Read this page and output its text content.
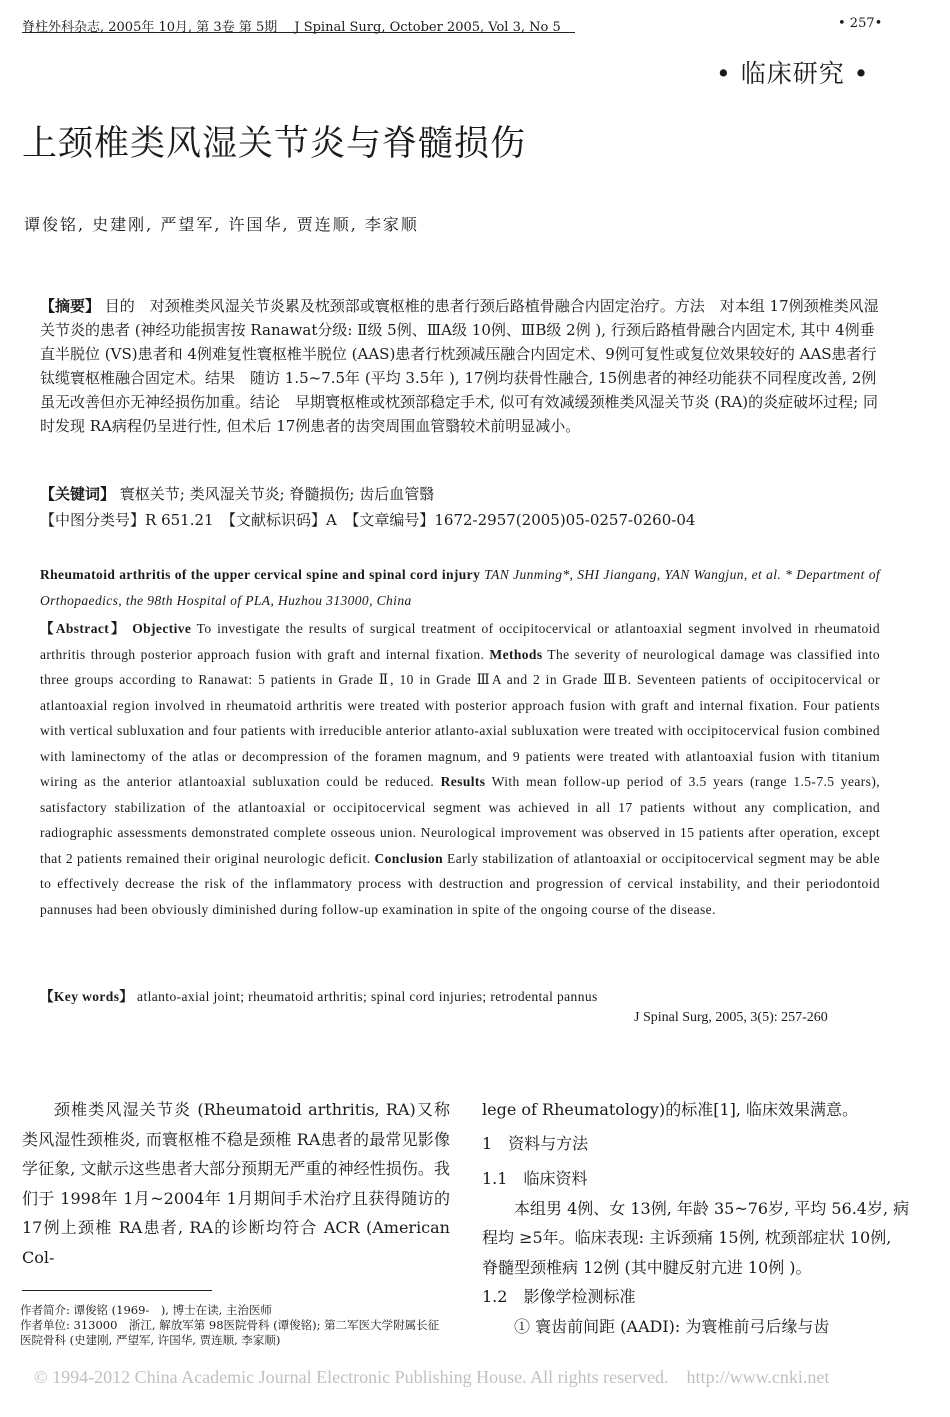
脊柱外科杂志, 2005年 10月, 第 3卷 第 5期　 J Spinal Surg, October 2005, Vol 3, No 5	• 257•
• 临床研究 •
上颈椎类风湿关节炎与脊髓损伤
谭俊铭, 史建刚, 严望军, 许国华, 贾连顺, 李家顺
【摘要】 目的　对颈椎类风湿关节炎累及枕颈部或寰枢椎的患者行颈后路植骨融合内固定治疗。方法　对本组 17例颈椎类风湿关节炎的患者 (神经功能损害按 Ranawat分级: Ⅱ级 5例、ⅢA级 10例、ⅢB级 2例 ), 行颈后路植骨融合内固定术, 其中 4例垂直半脱位 (VS)患者和 4例难复性寰枢椎半脱位 (AAS)患者行枕颈减压融合内固定术、9例可复性或复位效果较好的 AAS患者行钛缆寰枢椎融合固定术。结果　随访 1.5~7.5年 (平均 3.5年 ), 17例均获骨性融合, 15例患者的神经功能获不同程度改善, 2例虽无改善但亦无神经损伤加重。结论　早期寰枢椎或枕颈部稳定手术, 似可有效减缓颈椎类风湿关节炎 (RA)的炎症破坏过程; 同时发现 RA病程仍呈进行性, 但术后 17例患者的齿突周围血管翳较术前明显减小。
【关键词】 寰枢关节; 类风湿关节炎; 脊髓损伤; 齿后血管翳
【中图分类号】R 651.21　【文献标识码】A　【文章编号】1672-2957(2005)05-0257-0260-04
Rheumatoid arthritis of the upper cervical spine and spinal cord injury TAN Junming*, SHI Jiangang, YAN Wangjun, et al. * Department of Orthopaedics, the 98th Hospital of PLA, Huzhou 313000, China
【Abstract】 Objective To investigate the results of surgical treatment of occipitocervical or atlantoaxial segment involved in rheumatoid arthritis through posterior approach fusion with graft and internal fixation. Methods The severity of neurological damage was classified into three groups according to Ranawat: 5 patients in Grade Ⅱ, 10 in Grade ⅢA and 2 in Grade ⅢB. Seventeen patients of occipitocervical or atlantoaxial region involved in rheumatoid arthritis were treated with posterior approach fusion with graft and internal fixation. Four patients with vertical subluxation and four patients with irreducible anterior atlanto-axial subluxation were treated with occipitocervical fusion combined with laminectomy of the atlas or decompression of the foramen magnum, and 9 patients were treated with atlantoaxial fusion with titanium wiring as the anterior atlantoaxial subluxation could be reduced. Results With mean follow-up period of 3.5 years (range 1.5-7.5 years), satisfactory stabilization of the atlantoaxial or occipitocervical segment was achieved in all 17 patients without any complication, and radiographic assessments demonstrated complete osseous union. Neurological improvement was observed in 15 patients after operation, except that 2 patients remained their original neurologic deficit. Conclusion Early stabilization of atlantoaxial or occipitocervical segment may be able to effectively decrease the risk of the inflammatory process with destruction and progression of cervical instability, and their periodontoid pannuses had been obviously diminished during follow-up examination in spite of the ongoing course of the disease.
【Key words】 atlanto-axial joint; rheumatoid arthritis; spinal cord injuries; retrodental pannus
J Spinal Surg, 2005, 3(5): 257-260
颈椎类风湿关节炎 (Rheumatoid arthritis, RA)又称类风湿性颈椎炎, 而寰枢椎不稳是颈椎 RA患者的最常见影像学征象, 文献示这些患者大部分预期无严重的神经性损伤。我们于 1998年 1月~2004年 1月期间手术治疗且获得随访的 17例上颈椎 RA患者, RA的诊断均符合 ACR (American Col-
lege of Rheumatology)的标准[1], 临床效果满意。
1　资料与方法
1.1　临床资料
本组男 4例、女 13例, 年龄 35~76岁, 平均 56.4岁, 病程均 ≥5年。临床表现: 主诉颈痛 15例, 枕颈部症状 10例, 脊髓型颈椎病 12例 (其中腱反射亢进 10例 )。
1.2　影像学检测标准
① 寰齿前间距 (AADI): 为寰椎前弓后缘与齿
作者简介: 谭俊铭 (1969-　), 博士在读, 主治医师
作者单位: 313000　浙江, 解放军第 98医院骨科 (谭俊铭); 第二军医大学附属长征医院骨科 (史建刚, 严望军, 许国华, 贾连顺, 李家顺)
© 1994-2012 China Academic Journal Electronic Publishing House. All rights reserved.　http://www.cnki.net
